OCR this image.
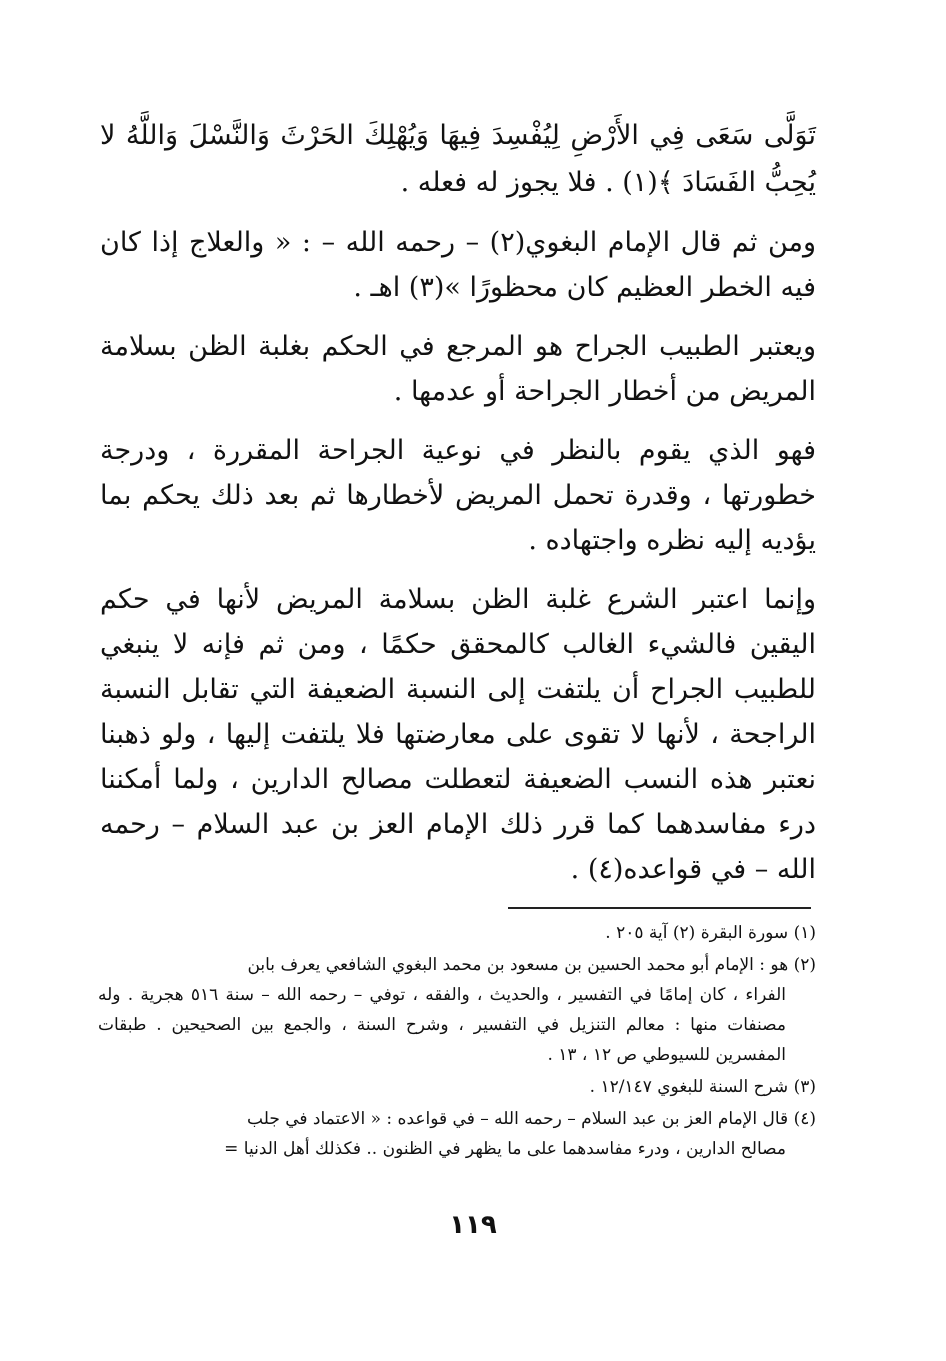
تَوَلَّى سَعَى فِي الأَرْضِ لِيُفْسِدَ فِيهَا وَيُهْلِكَ الحَرْثَ وَالنَّسْلَ وَاللَّهُ لا يُحِبُّ الفَسَادَ ﴾(١) . فلا يجوز له فعله .

ومن ثم قال الإمام البغوي(٢) – رحمه الله – : « والعلاج إذا كان فيه الخطر العظيم كان محظورًا »(٣) اهـ .

ويعتبر الطبيب الجراح هو المرجع في الحكم بغلبة الظن بسلامة المريض من أخطار الجراحة أو عدمها .

فهو الذي يقوم بالنظر في نوعية الجراحة المقررة ، ودرجة خطورتها ، وقدرة تحمل المريض لأخطارها ثم بعد ذلك يحكم بما يؤديه إليه نظره واجتهاده .

وإنما اعتبر الشرع غلبة الظن بسلامة المريض لأنها في حكم اليقين فالشيء الغالب كالمحقق حكمًا ، ومن ثم فإنه لا ينبغي للطبيب الجراح أن يلتفت إلى النسبة الضعيفة التي تقابل النسبة الراجحة ، لأنها لا تقوى على معارضتها فلا يلتفت إليها ، ولو ذهبنا نعتبر هذه النسب الضعيفة لتعطلت مصالح الدارين ، ولما أمكننا درء مفاسدهما كما قرر ذلك الإمام العز بن عبد السلام – رحمه الله – في قواعده(٤) .

(١) سورة البقرة (٢) آية ٢٠٥ .

(٢) هو : الإمام أبو محمد الحسين بن مسعود بن محمد البغوي الشافعي يعرف بابن
الفراء ، كان إمامًا في التفسير ، والحديث ، والفقه ، توفي – رحمه الله – سنة ٥١٦ هجرية . وله مصنفات منها : معالم التنزيل في التفسير ، وشرح السنة ، والجمع بين الصحيحين . طبقات المفسرين للسيوطي ص ١٢ ، ١٣ .

(٣) شرح السنة للبغوي ١٢/١٤٧ .

(٤) قال الإمام العز بن عبد السلام – رحمه الله – في قواعده : « الاعتماد في جلب
مصالح الدارين ، ودرء مفاسدهما على ما يظهر في الظنون .. فكذلك أهل الدنيا =

١١٩
